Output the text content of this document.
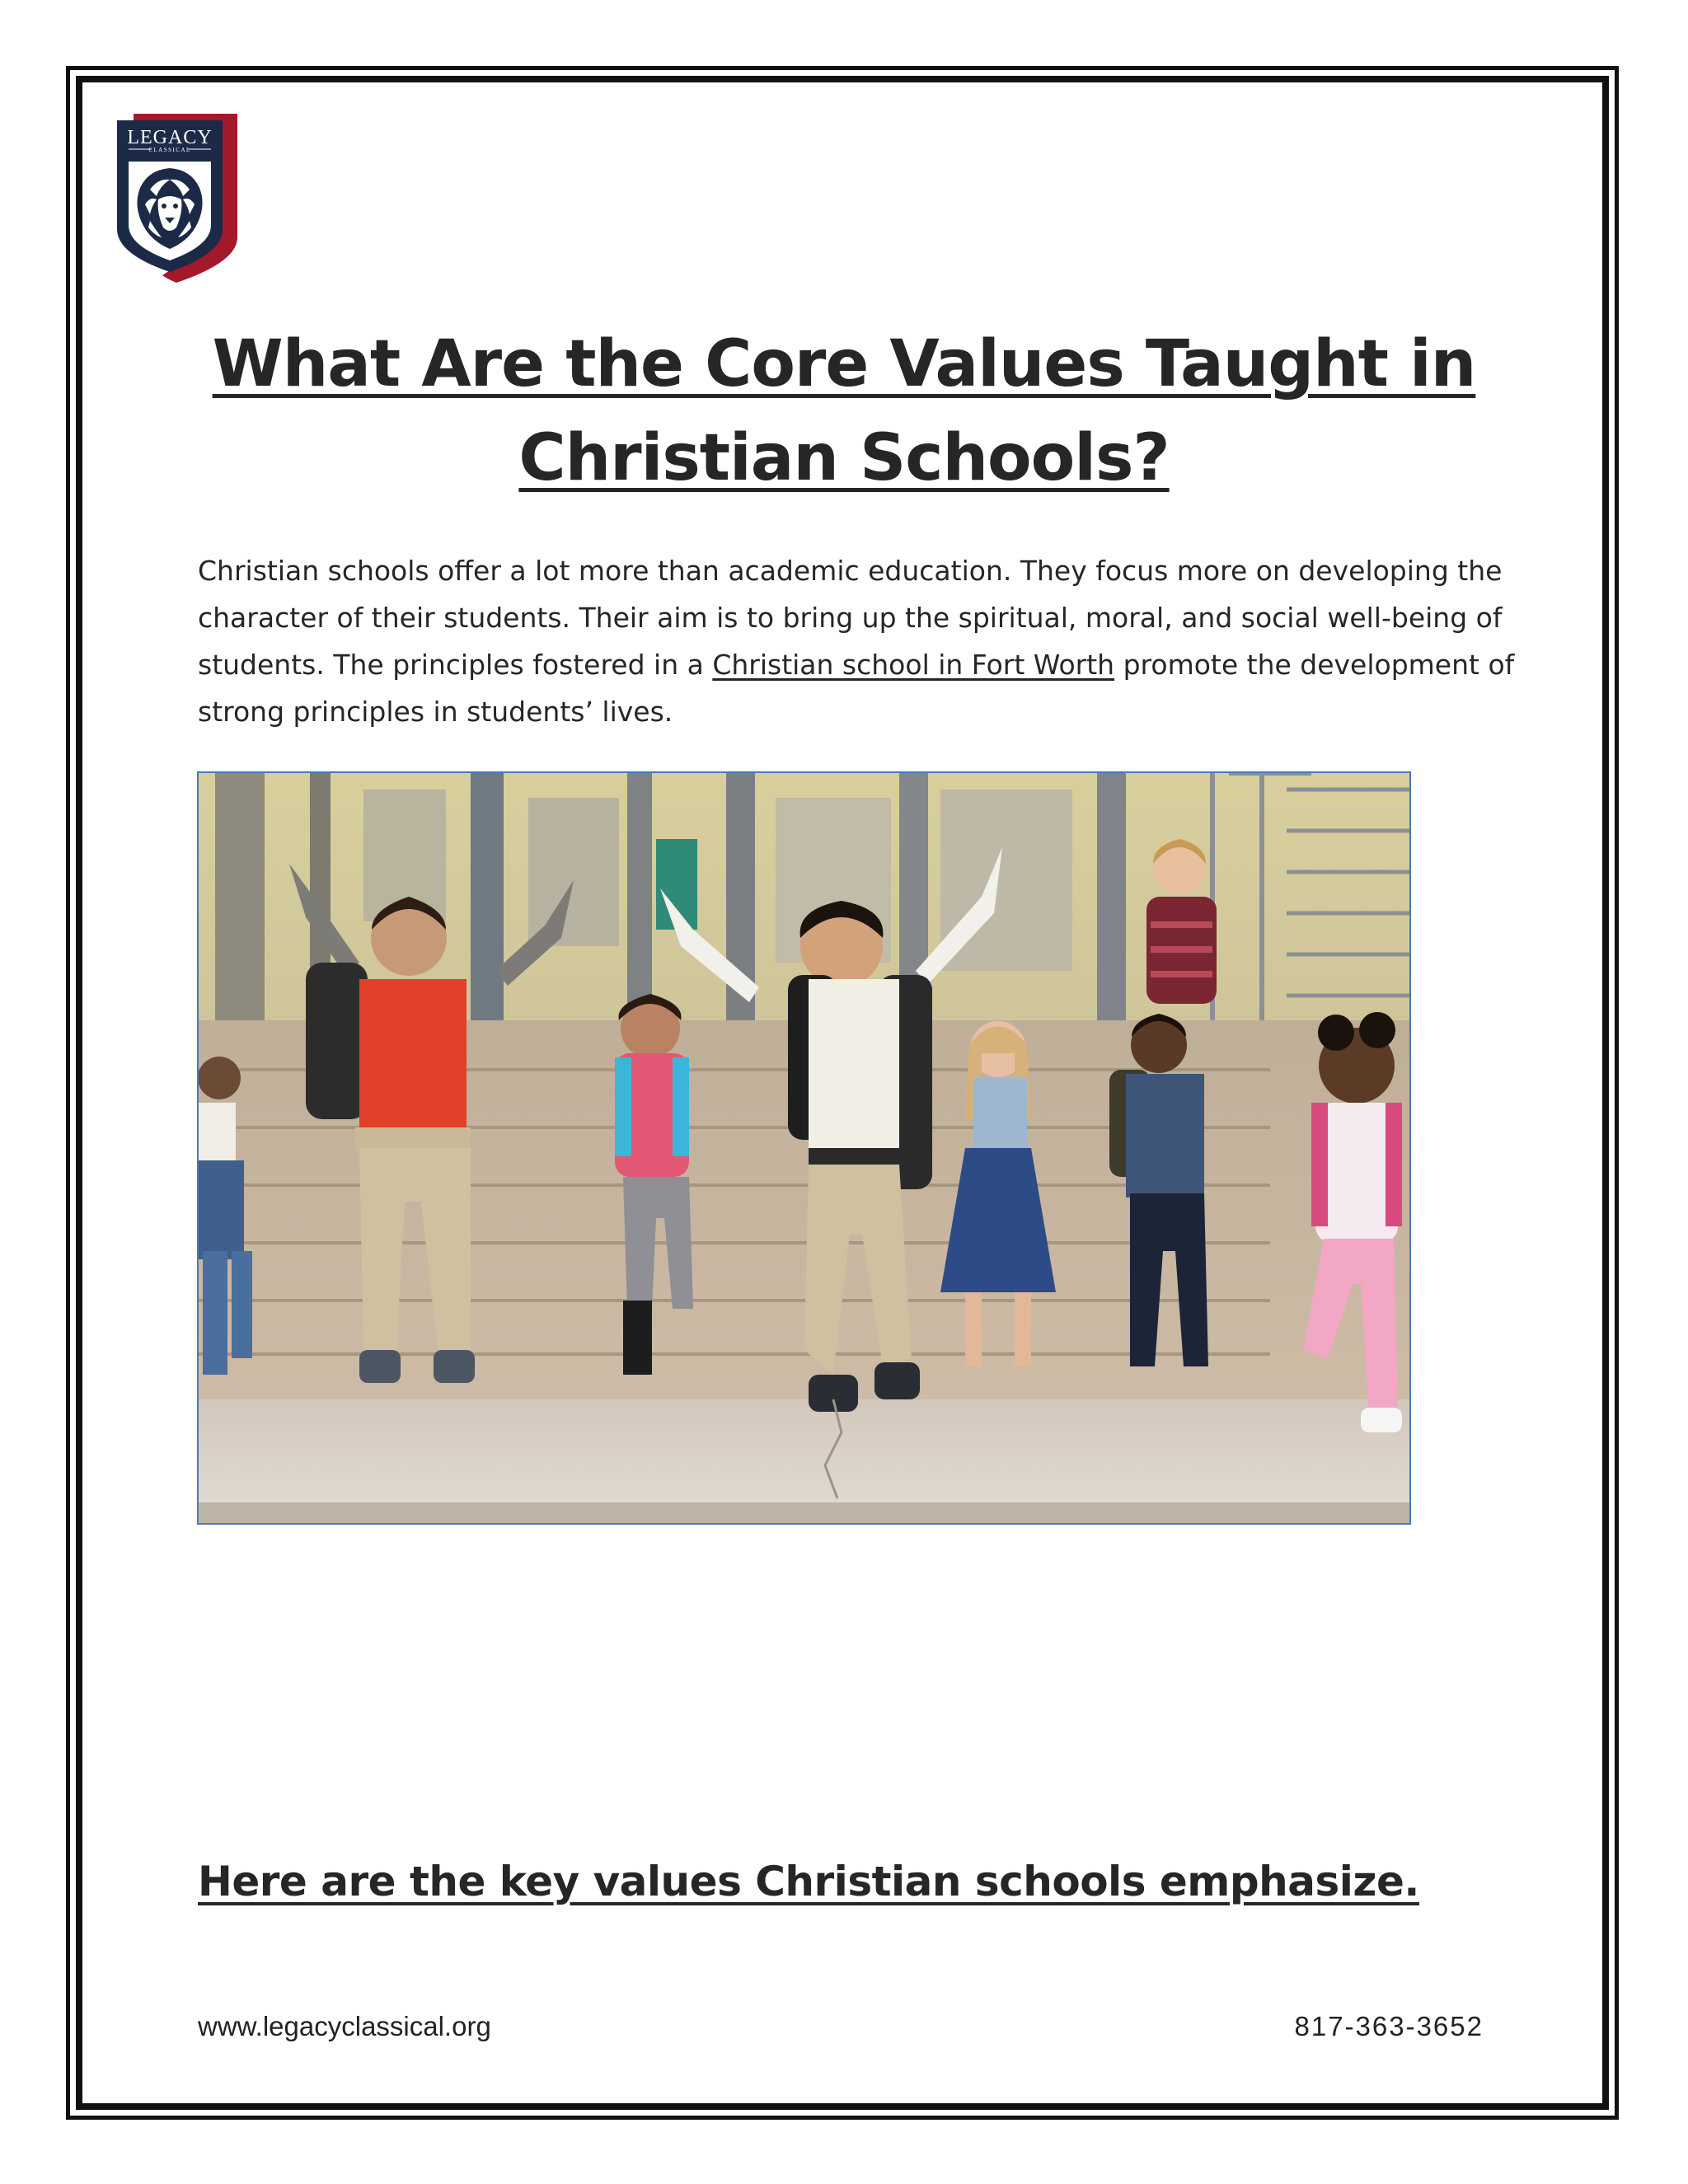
LEGACY
CLASSICAL
What Are the Core Values Taught in Christian Schools?

Christian schools offer a lot more than academic education. They focus more on developing the character of their students. Their aim is to bring up the spiritual, moral, and social well-being of students. The principles fostered in a Christian school in Fort Worth promote the development of strong principles in students’ lives.

Here are the key values Christian schools emphasize.
www.legacyclassical.org	817-363-3652
